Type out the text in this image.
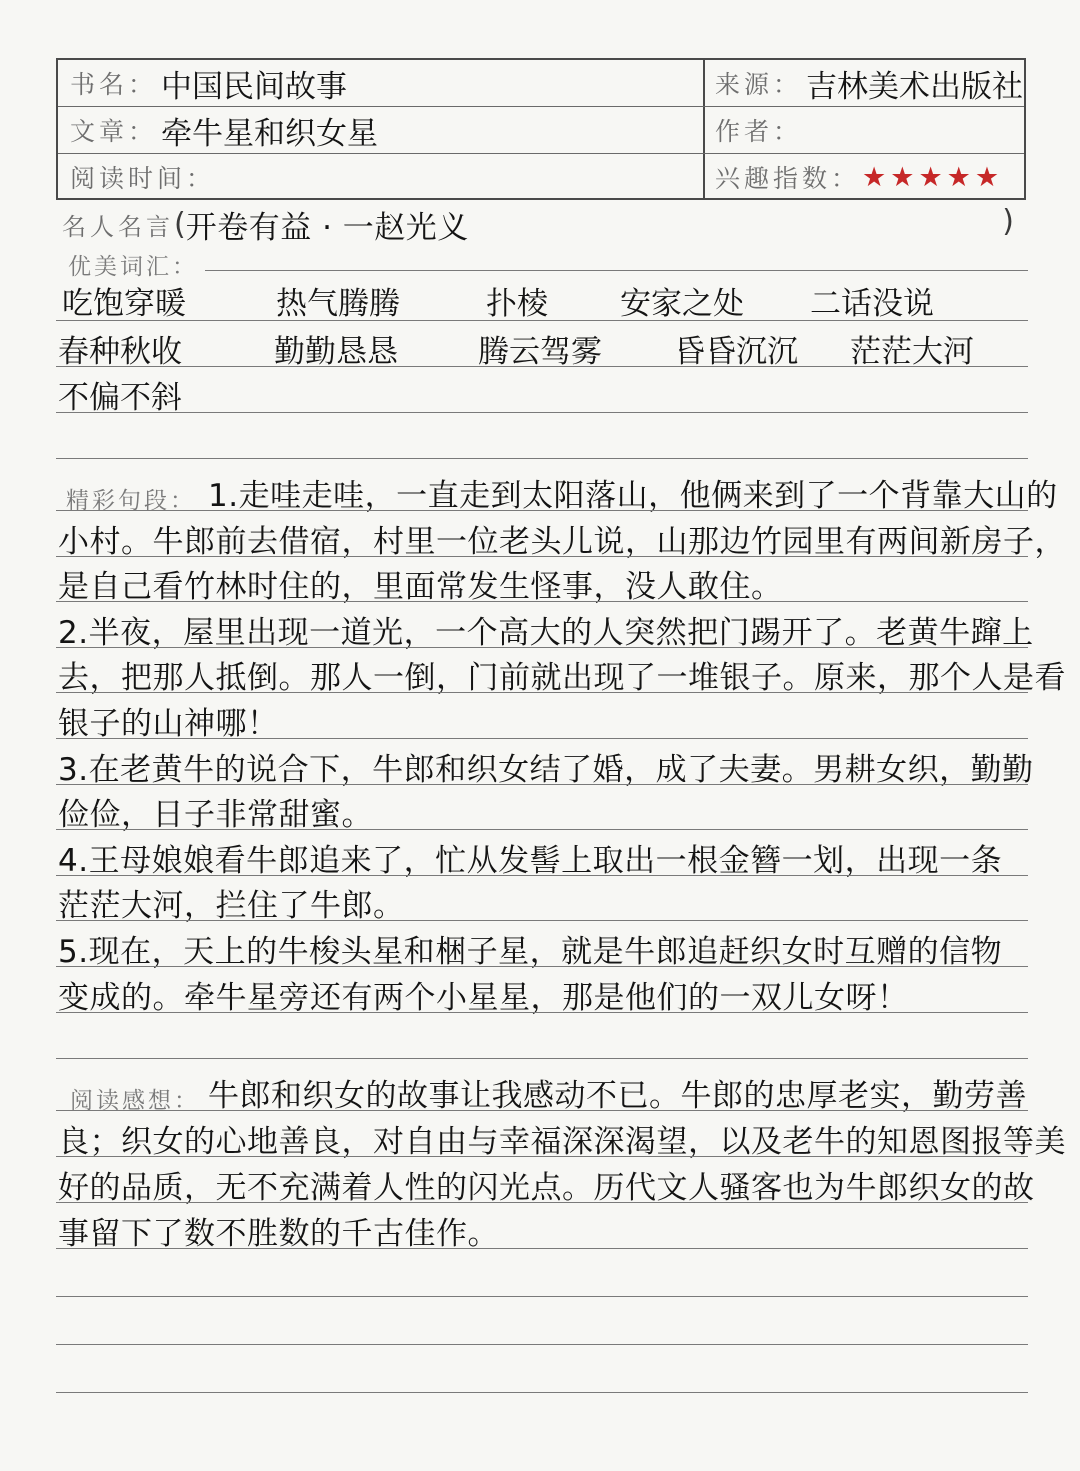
书名： 中国民间故事	来源： 吉林美术出版社
文章： 牵牛星和织女星	作者：
阅读时间：	兴趣指数： ★ ★ ★ ★ ★
名人名言 ( 开卷有益 · 一赵光义	)
优美词汇：
吃饱穿暖	热气腾腾	扑棱 安家之处 二话没说
春种秋收	勤勤恳恳	腾云驾雾 昏昏沉沉 茫茫大河
不偏不斜
1.走哇走哇，一直走到太阳落山，他俩来到了一个背靠大山的
小村。牛郎前去借宿，村里一位老头儿说，山那边竹园里有两间新房子，
是自己看竹林时住的，里面常发生怪事，没人敢住。
2.半夜，屋里出现一道光，一个高大的人突然把门踢开了。老黄牛蹿上
去，把那人抵倒。那人一倒，门前就出现了一堆银子。原来，那个人是看
银子的山神哪！
3.在老黄牛的说合下，牛郎和织女结了婚，成了夫妻。男耕女织，勤勤
俭俭，日子非常甜蜜。
4.王母娘娘看牛郎追来了，忙从发髻上取出一根金簪一划，出现一条
茫茫大河，拦住了牛郎。
5.现在，天上的牛梭头星和梱子星，就是牛郎追赶织女时互赠的信物
变成的。牵牛星旁还有两个小星星，那是他们的一双儿女呀！
精彩句段：
牛郎和织女的故事让我感动不已。牛郎的忠厚老实，勤劳善
良；织女的心地善良，对自由与幸福深深渴望，以及老牛的知恩图报等美
好的品质，无不充满着人性的闪光点。历代文人骚客也为牛郎织女的故
事留下了数不胜数的千古佳作。
阅读感想：
